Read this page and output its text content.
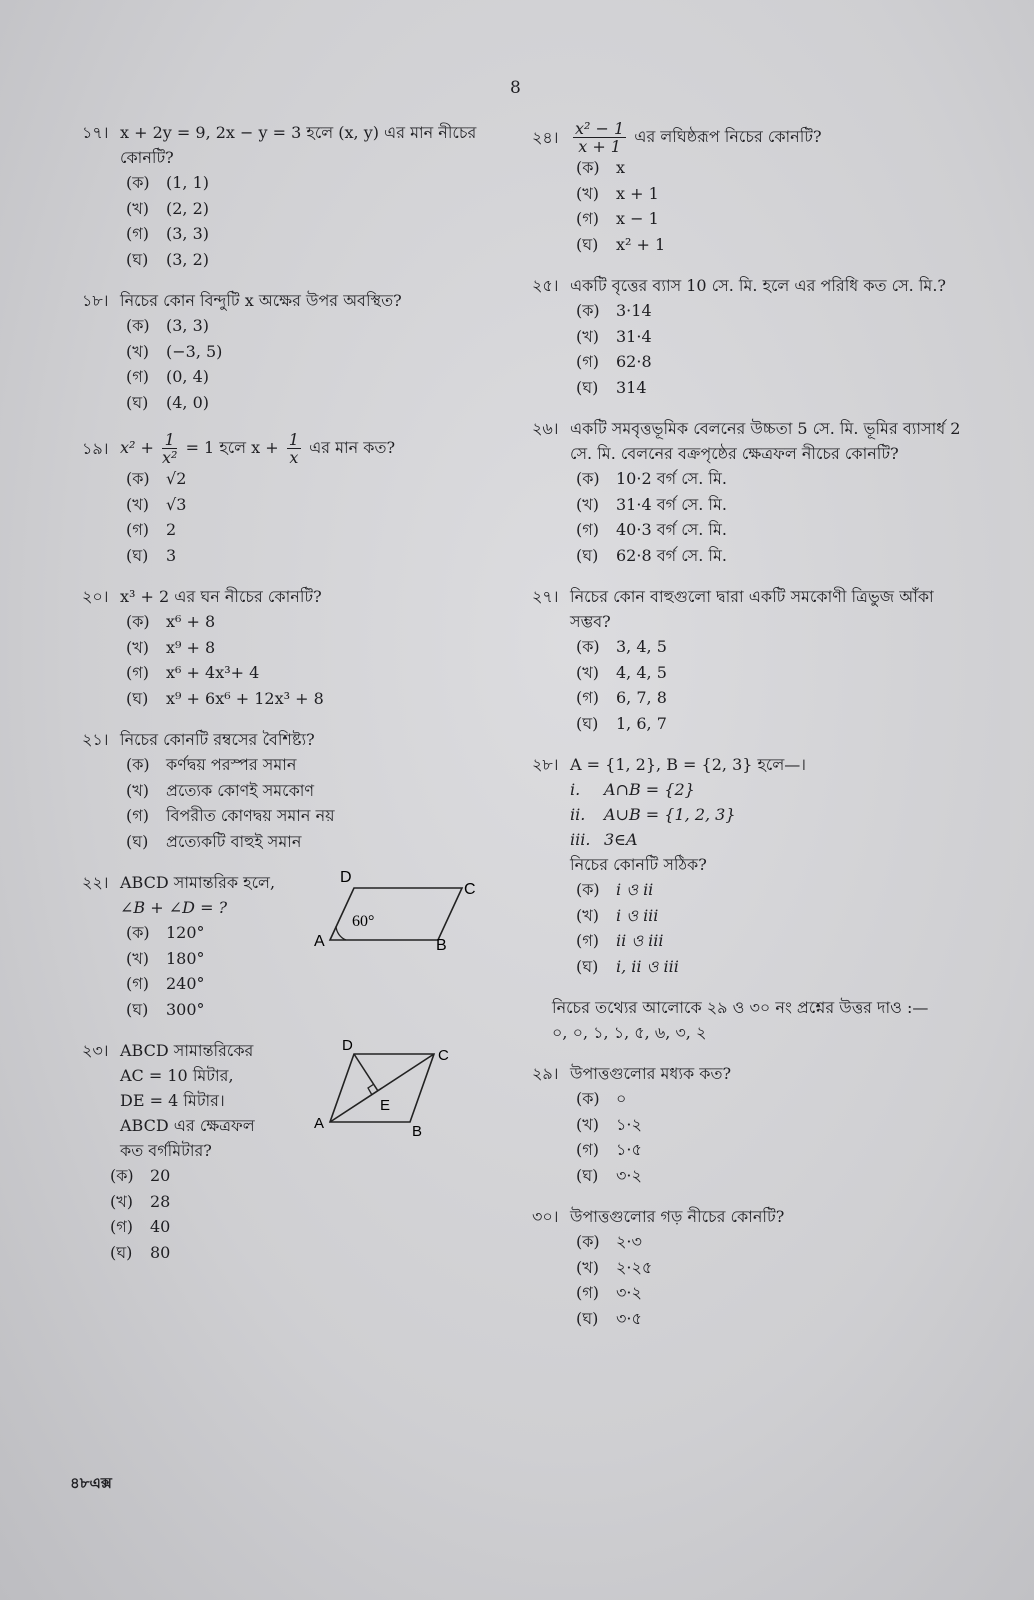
8
১৭। x + 2y = 9, 2x − y = 3 হলে (x, y) এর মান নীচের কোনটি?
(ক)	(1, 1)
(খ)	(2, 2)
(গ)	(3, 3)
(ঘ)	(3, 2)
১৮। নিচের কোন বিন্দুটি x অক্ষের উপর অবস্থিত?
(ক)	(3, 3)
(খ)	(−3, 5)
(গ)	(0, 4)
(ঘ)	(4, 0)
১৯। $x^2 + \frac{1}{\text{x²}} = 1$ হলে $x + \frac{1}{x}$ এর মান কত?
(ক)	√2
(খ)	√3
(গ)	2
(ঘ)	3
২০। x³ + 2 এর ঘন নীচের কোনটি?
(ক)	x⁶ + 8
(খ)	x⁹ + 8
(গ)	x⁶ + 4x³+ 4
(ঘ)	x⁹ + 6x⁶ + 12x³ + 8
২১। নিচের কোনটি রম্বসের বৈশিষ্ট্য?
(ক)	কর্ণদ্বয় পরস্পর সমান
(খ)	প্রত্যেক কোণই সমকোণ
(গ)	বিপরীত কোণদ্বয় সমান নয়
(ঘ)	প্রত্যেকটি বাহুই সমান
২২। ABCD সামান্তরিক হলে,
∠B + ∠D = ?
D
C
A	B
60°
(ক)	120°
(খ)	180°
(গ)	240°
(ঘ)	300°
২৩। ABCD সামান্তরিকের
AC = 10 মিটার,
DE = 4 মিটার।
ABCD এর ক্ষেত্রফল
কত বর্গমিটার?
D
C
A	B
E
(ক)	20
(খ)	28
(গ)	40
(ঘ)	80
২৪। $\frac{\text{x² − 1}}{x + 1}$ এর লঘিষ্ঠরূপ নিচের কোনটি?
(ক)	x
(খ)	x + 1
(গ)	x − 1
(ঘ)	x² + 1
২৫। একটি বৃত্তের ব্যাস 10 সে. মি. হলে এর পরিধি কত সে. মি.?
(ক)	3·14
(খ)	31·4
(গ)	62·8
(ঘ)	314
২৬। একটি সমবৃত্তভূমিক বেলনের উচ্চতা 5 সে. মি. ভূমির ব্যাসার্ধ 2 সে. মি. বেলনের বক্রপৃষ্ঠের ক্ষেত্রফল নীচের কোনটি?
(ক)	10·2 বর্গ সে. মি.
(খ)	31·4 বর্গ সে. মি.
(গ)	40·3 বর্গ সে. মি.
(ঘ)	62·8 বর্গ সে. মি.
২৭। নিচের কোন বাহুগুলো দ্বারা একটি সমকোণী ত্রিভুজ আঁকা সম্ভব?
(ক)	3, 4, 5
(খ)	4, 4, 5
(গ)	6, 7, 8
(ঘ)	1, 6, 7
২৮। A = {1, 2}, B = {2, 3} হলে—।
i.	A∩B = {2}
ii.	A∪B = {1, 2, 3}
iii. 3∈A
নিচের কোনটি সঠিক?
(ক)	i ও ii
(খ)	i ও iii
(গ)	ii ও iii
(ঘ)	i, ii ও iii
নিচের তথ্যের আলোকে ২৯ ও ৩০ নং প্রশ্নের উত্তর দাও :—
০, ০, ১, ১, ৫, ৬, ৩, ২
২৯। উপাত্তগুলোর মধ্যক কত?
(ক)	০
(খ)	১·২
(গ)	১·৫
(ঘ)	৩·২
৩০। উপাত্তগুলোর গড় নীচের কোনটি?
(ক)	২·৩
(খ)	২·২৫
(গ)	৩·২
(ঘ)	৩·৫
৪৮এক্স
